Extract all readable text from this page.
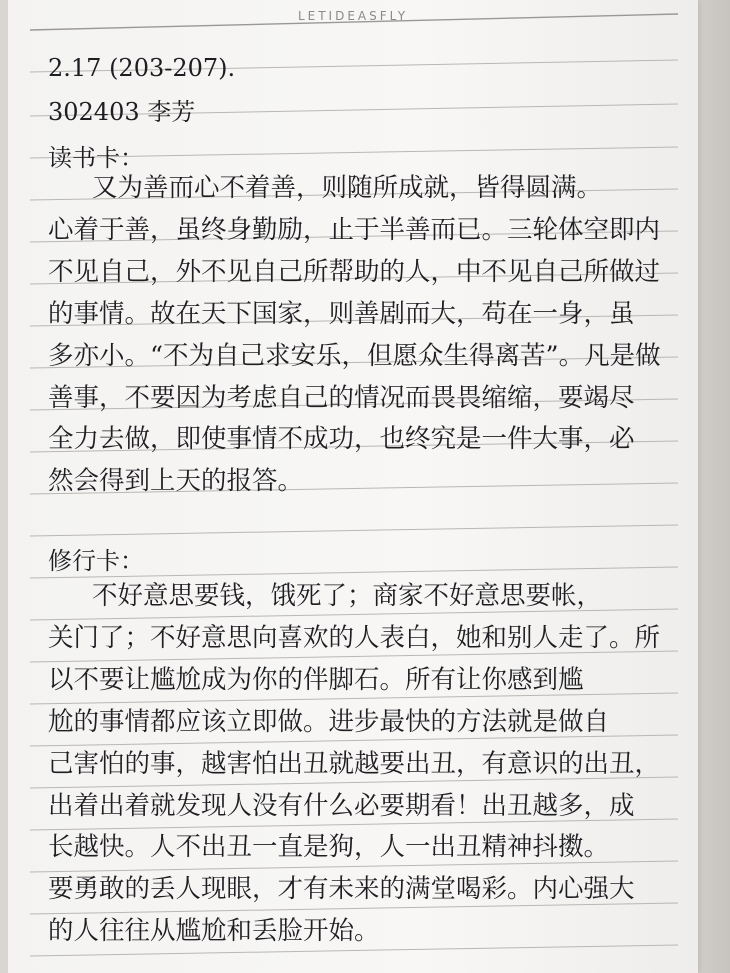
LETIDEASFLY
2.17 (203-207).
302403 李芳
读书卡：
又为善而心不着善，则随所成就，皆得圆满。
心着于善，虽终身勤励，止于半善而已。三轮体空即内
不见自己，外不见自己所帮助的人，中不见自己所做过
的事情。故在天下国家，则善剧而大，苟在一身，虽
多亦小。“不为自己求安乐，但愿众生得离苦”。凡是做
善事，不要因为考虑自己的情况而畏畏缩缩，要竭尽
全力去做，即使事情不成功，也终究是一件大事，必
然会得到上天的报答。
修行卡：
不好意思要钱，饿死了；商家不好意思要帐，
关门了；不好意思向喜欢的人表白，她和别人走了。所
以不要让尴尬成为你的伴脚石。所有让你感到尴
尬的事情都应该立即做。进步最快的方法就是做自
己害怕的事，越害怕出丑就越要出丑，有意识的出丑，
出着出着就发现人没有什么必要期看！出丑越多，成
长越快。人不出丑一直是狗，人一出丑精神抖擞。
要勇敢的丢人现眼，才有未来的满堂喝彩。内心强大
的人往往从尴尬和丢脸开始。
